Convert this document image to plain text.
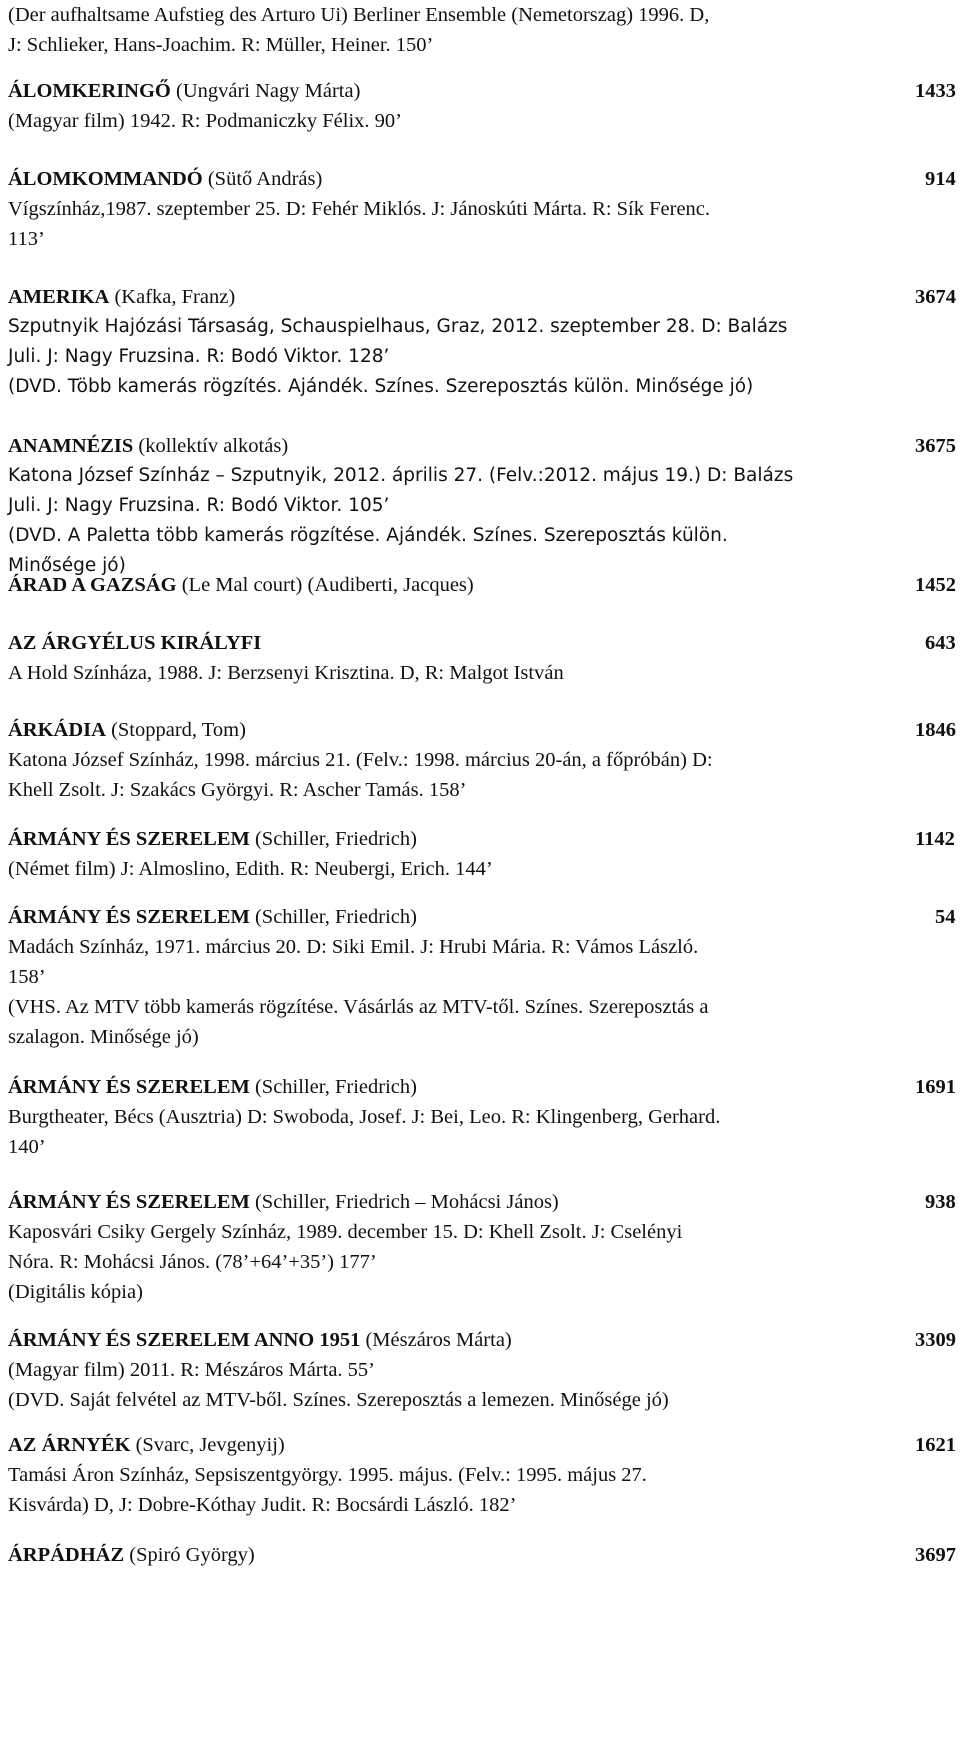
(Der aufhaltsame Aufstieg des Arturo Ui) Berliner Ensemble (Nemetorszag) 1996. D,
J: Schlieker, Hans-Joachim. R: Müller, Heiner. 150’
ÁLOMKERINGŐ (Ungvári Nagy Márta)	1433
(Magyar film) 1942. R: Podmaniczky Félix. 90’
ÁLOMKOMMANDÓ (Sütő András)	914
Vígszínház,1987. szeptember 25. D: Fehér Miklós. J: Jánoskúti Márta. R: Sík Ferenc.
113’
AMERIKA (Kafka, Franz)	3674
Szputnyik Hajózási Társaság, Schauspielhaus, Graz, 2012. szeptember 28. D: Balázs
Juli. J: Nagy Fruzsina. R: Bodó Viktor. 128’
(DVD. Több kamerás rögzítés. Ajándék. Színes. Szereposztás külön. Minősége jó)
ANAMNÉZIS (kollektív alkotás)	3675
Katona József Színház – Szputnyik, 2012. április 27. (Felv.:2012. május 19.) D: Balázs
Juli. J: Nagy Fruzsina. R: Bodó Viktor. 105’
(DVD. A Paletta több kamerás rögzítése. Ajándék. Színes. Szereposztás külön.
Minősége jó)
ÁRAD A GAZSÁG (Le Mal court) (Audiberti, Jacques)	1452
AZ ÁRGYÉLUS KIRÁLYFI	643
A Hold Színháza, 1988. J: Berzsenyi Krisztina. D, R: Malgot István
ÁRKÁDIA (Stoppard, Tom)	1846
Katona József Színház, 1998. március 21. (Felv.: 1998. március 20-án, a főpróbán) D:
Khell Zsolt. J: Szakács Györgyi. R: Ascher Tamás. 158’
ÁRMÁNY ÉS SZERELEM (Schiller, Friedrich)	1142
(Német film) J: Almoslino, Edith. R: Neubergi, Erich. 144’
ÁRMÁNY ÉS SZERELEM (Schiller, Friedrich)	54
Madách Színház, 1971. március 20. D: Siki Emil. J: Hrubi Mária. R: Vámos László.
158’
(VHS. Az MTV több kamerás rögzítése. Vásárlás az MTV-től. Színes. Szereposztás a
szalagon. Minősége jó)
ÁRMÁNY ÉS SZERELEM (Schiller, Friedrich)	1691
Burgtheater, Bécs (Ausztria) D: Swoboda, Josef. J: Bei, Leo. R: Klingenberg, Gerhard.
140’
ÁRMÁNY ÉS SZERELEM (Schiller, Friedrich – Mohácsi János)	938
Kaposvári Csiky Gergely Színház, 1989. december 15. D: Khell Zsolt. J: Cselényi
Nóra. R: Mohácsi János. (78’+64’+35’) 177’
(Digitális kópia)
ÁRMÁNY ÉS SZERELEM ANNO 1951 (Mészáros Márta)	3309
(Magyar film) 2011. R: Mészáros Márta. 55’
(DVD. Saját felvétel az MTV-ből. Színes. Szereposztás a lemezen. Minősége jó)
AZ ÁRNYÉK (Svarc, Jevgenyij)	1621
Tamási Áron Színház, Sepsiszentgyörgy. 1995. május. (Felv.: 1995. május 27.
Kisvárda) D, J: Dobre-Kóthay Judit. R: Bocsárdi László. 182’
ÁRPÁDHÁZ (Spiró György)	3697
